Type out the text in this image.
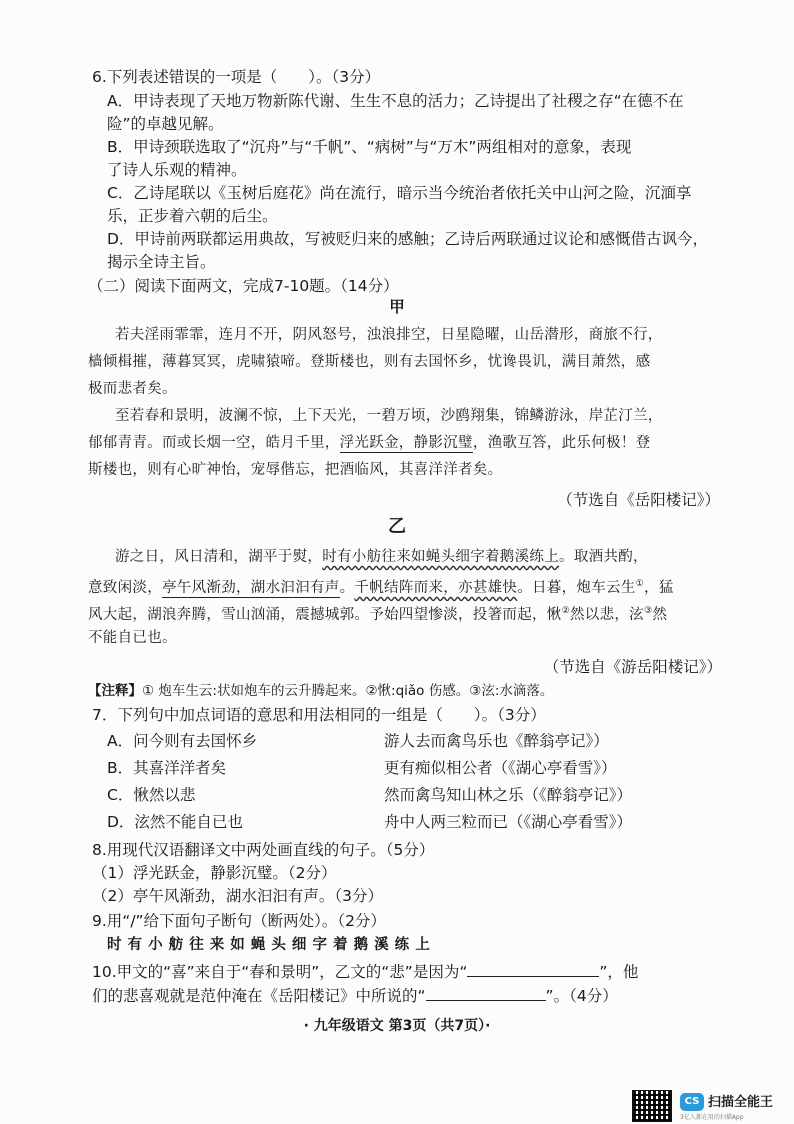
6.下列表述错误的一项是（　　）。（3分）
A．甲诗表现了天地万物新陈代谢、生生不息的活力；乙诗提出了社稷之存“在德不在
险”的卓越见解。
B．甲诗颈联选取了“沉舟”与“千帆”、“病树”与“万木”两组相对的意象，表现
了诗人乐观的精神。
C．乙诗尾联以《玉树后庭花》尚在流行，暗示当今统治者依托关中山河之险，沉湎享
乐，正步着六朝的后尘。
D．甲诗前两联都运用典故，写被贬归来的感触；乙诗后两联通过议论和感慨借古讽今，
揭示全诗主旨。
（二）阅读下面两文，完成7-10题。（14分）
甲
若夫淫雨霏霏，连月不开，阴风怒号，浊浪排空，日星隐曜，山岳潜形，商旅不行，
樯倾楫摧，薄暮冥冥，虎啸猿啼。登斯楼也，则有去国怀乡，忧谗畏讥，满目萧然，感
极而悲者矣。
至若春和景明，波澜不惊，上下天光，一碧万顷，沙鸥翔集，锦鳞游泳，岸芷汀兰，
郁郁青青。而或长烟一空，皓月千里，浮光跃金，静影沉璧，渔歌互答，此乐何极！登
斯楼也，则有心旷神怡，宠辱偕忘，把酒临风，其喜洋洋者矣。
（节选自《岳阳楼记》）
乙
游之日，风日清和，湖平于熨，时有小舫往来如蝇头细字着鹅溪练上。取酒共酌，
意致闲淡，亭午风渐劲，湖水汩汩有声。千帆结阵而来，亦甚雄快。日暮，炮车云生①，猛
风大起，湖浪奔腾，雪山汹涌，震撼城郭。予始四望惨淡，投箸而起，愀②然以悲，泫③然
不能自已也。
（节选自《游岳阳楼记》）
【注释】① 炮车生云:状如炮车的云升腾起来。②愀:qiǎo 伤感。③泫:水滴落。
7．下列句中加点词语的意思和用法相同的一组是（　　）。（3分）
A．问今则有去国怀乡	游人去而禽鸟乐也《醉翁亭记》）
B．其喜洋洋者矣	更有痴似相公者（《湖心亭看雪》）
C．愀然以悲	然而禽鸟知山林之乐（《醉翁亭记》）
D．泫然不能自已也	舟中人两三粒而已（《湖心亭看雪》）
8.用现代汉语翻译文中两处画直线的句子。（5分）
（1）浮光跃金，静影沉璧。（2分）
（2）亭午风渐劲，湖水汩汩有声。（3分）
9.用“/”给下面句子断句（断两处）。（2分）
时 有 小 舫 往 来 如 蝇 头 细 字 着 鹅 溪 练 上
10.甲文的“喜”来自于“春和景明”，乙文的“悲”是因为“	”，他
们的悲喜观就是范仲淹在《岳阳楼记》中所说的“	”。（4分）
· 九年级语文 第3页（共7页）·
CS 扫描全能王
3亿人都在用的扫描App
